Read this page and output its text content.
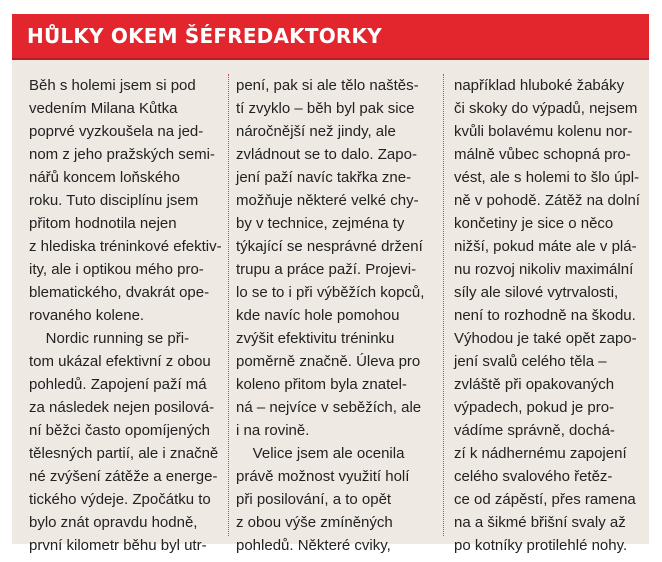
HŮLKY OKEM ŠÉFREDAKTORKY
Běh s holemi jsem si pod
vedením Milana Kůtka
poprvé vyzkoušela na jed-
nom z jeho pražských semi-
nářů koncem loňského
roku. Tuto disciplínu jsem
přitom hodnotila nejen
z hlediska tréninkové efektiv-
ity, ale i optikou mého pro-
blematického, dvakrát ope-
rovaného kolene.
Nordic running se při-
tom ukázal efektivní z obou
pohledů. Zapojení paží má
za následek nejen posilová-
ní běžci často opomíjených
tělesných partií, ale i značně
né zvýšení zátěže a energe-
tického výdeje. Zpočátku to
bylo znát opravdu hodně,
první kilometr běhu byl utr-
pení, pak si ale tělo naštěs-
tí zvyklo – běh byl pak sice
náročnější než jindy, ale
zvládnout se to dalo. Zapo-
jení paží navíc takřka zne-
možňuje některé velké chy-
by v technice, zejména ty
týkající se nesprávné držení
trupu a práce paží. Projevi-
lo se to i při výběžích kopců,
kde navíc hole pomohou
zvýšit efektivitu tréninku
poměrně značně. Úleva pro
koleno přitom byla znatel-
ná – nejvíce v seběžích, ale
i na rovině.
Velice jsem ale ocenila
právě možnost využití holí
při posilování, a to opět
z obou výše zmíněných
pohledů. Některé cviky,
například hluboké žabáky
či skoky do výpadů, nejsem
kvůli bolavému kolenu nor-
málně vůbec schopná pro-
vést, ale s holemi to šlo úpl-
ně v pohodě. Zátěž na dolní
končetiny je sice o něco
nižší, pokud máte ale v plá-
nu rozvoj nikoliv maximální
síly ale silové vytrvalosti,
není to rozhodně na škodu.
Výhodou je také opět zapo-
jení svalů celého těla –
zvláště při opakovaných
výpadech, pokud je pro-
vádíme správně, dochá-
zí k nádhernému zapojení
celého svalového řetěz-
ce od zápěstí, přes ramena
na a šikmé břišní svaly až
po kotníky protilehlé nohy.
